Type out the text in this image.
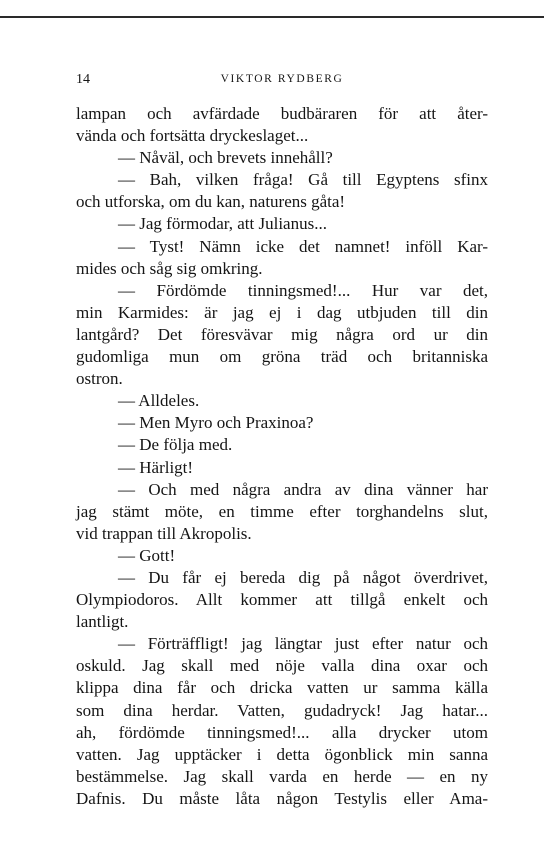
14	VIKTOR RYDBERG
lampan och avfärdade budbäraren för att åter-
vända och fortsätta dryckeslaget...
— Nåväl, och brevets innehåll?
— Bah, vilken fråga! Gå till Egyptens sfinx
och utforska, om du kan, naturens gåta!
— Jag förmodar, att Julianus...
— Tyst! Nämn icke det namnet! inföll Kar-
mides och såg sig omkring.
— Fördömde tinningsmed!... Hur var det,
min Karmides: är jag ej i dag utbjuden till din
lantgård? Det föresvävar mig några ord ur din
gudomliga mun om gröna träd och britanniska
ostron.
— Alldeles.
— Men Myro och Praxinoa?
— De följa med.
— Härligt!
— Och med några andra av dina vänner har
jag stämt möte, en timme efter torghandelns slut,
vid trappan till Akropolis.
— Gott!
— Du får ej bereda dig på något överdrivet,
Olympiodoros. Allt kommer att tillgå enkelt och
lantligt.
— Förträffligt! jag längtar just efter natur och
oskuld. Jag skall med nöje valla dina oxar och
klippa dina får och dricka vatten ur samma källa
som dina herdar. Vatten, gudadryck! Jag hatar...
ah, fördömde tinningsmed!... alla drycker utom
vatten. Jag upptäcker i detta ögonblick min sanna
bestämmelse. Jag skall varda en herde — en ny
Dafnis. Du måste låta någon Testylis eller Ama-
